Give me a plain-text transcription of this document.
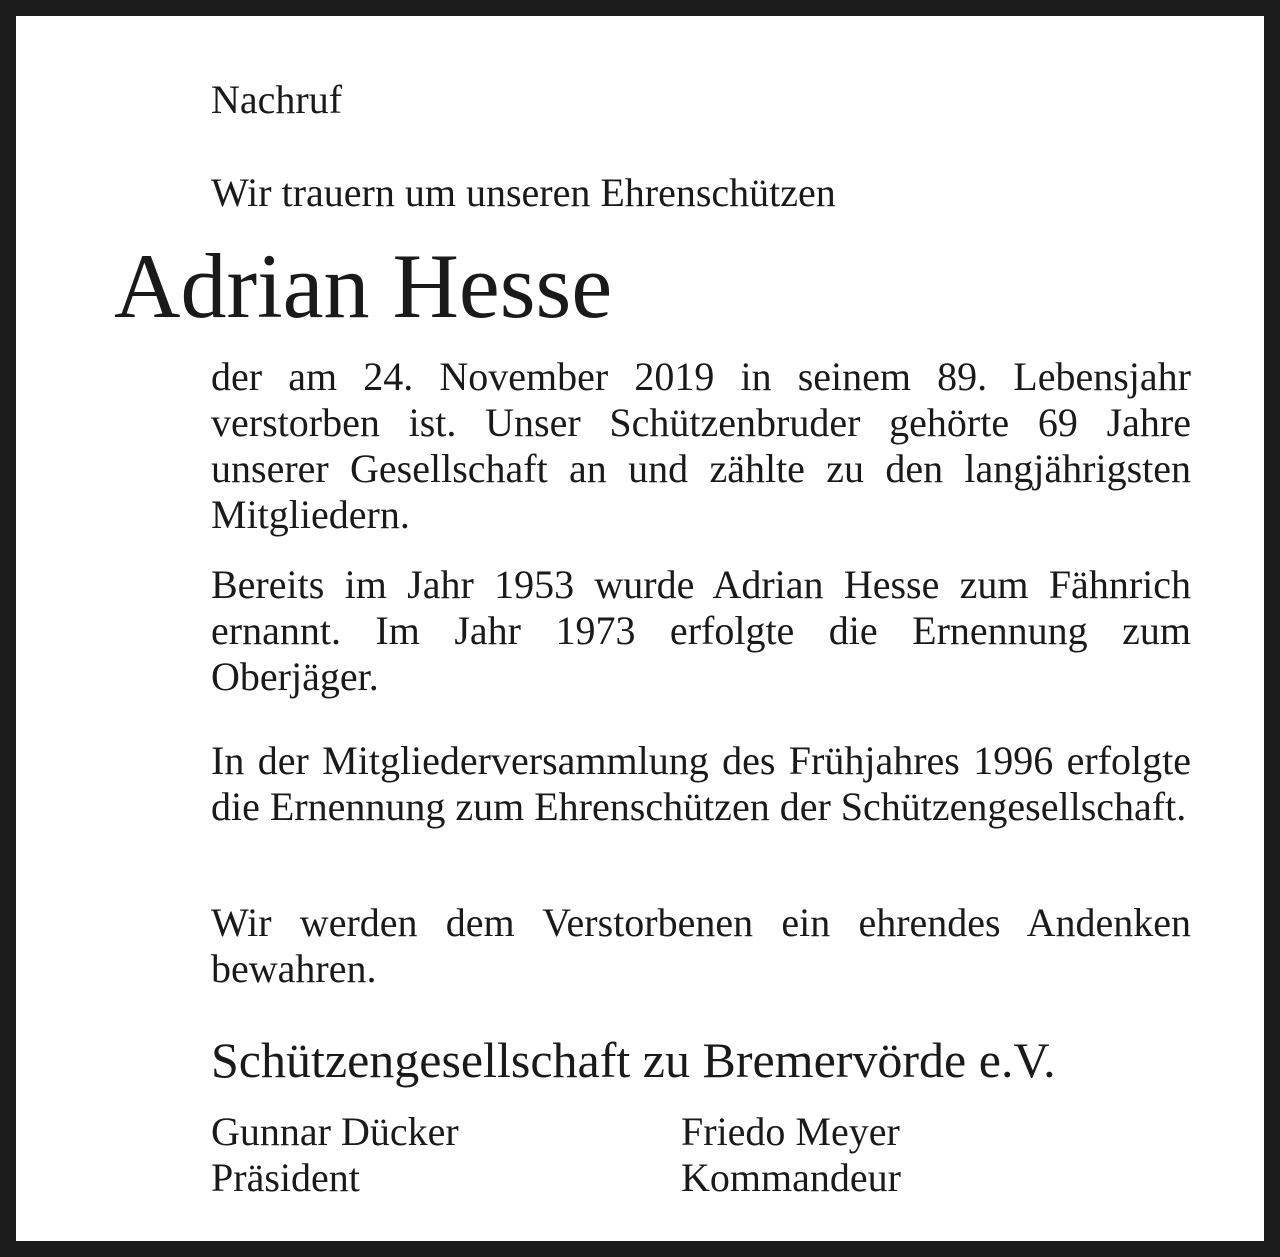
Nachruf
Wir trauern um unseren Ehrenschützen
Adrian Hesse
der am 24. November 2019 in seinem 89. Lebensjahr verstorben ist. Unser Schützenbruder gehörte 69 Jahre unserer Gesellschaft an und zählte zu den langjährigsten Mitgliedern.
Bereits im Jahr 1953 wurde Adrian Hesse zum Fähnrich ernannt. Im Jahr 1973 erfolgte die Ernennung zum Oberjäger.
In der Mitgliederversammlung des Frühjahres 1996 erfolgte die Ernennung zum Ehrenschützen der Schützengesellschaft.
Wir werden dem Verstorbenen ein ehrendes Andenken bewahren.
Schützengesellschaft zu Bremervörde e.V.
Gunnar Dücker
Präsident
Friedo Meyer
Kommandeur
